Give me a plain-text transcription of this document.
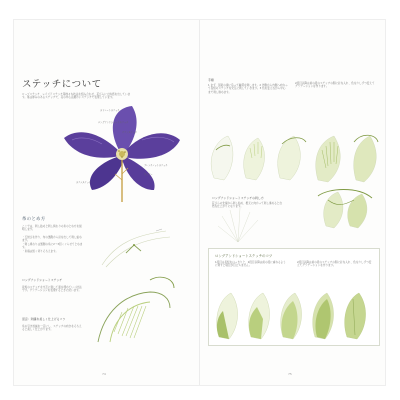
ステッチについて
ロープステッチ、レイズドステッチ等様々な技法を組み合わせ、花びらに立体感を出しています。葉は厚みのあるステッチで、花の中心は細かいステッチで表現しています。
ロングアンドショートステッチ
サテンステッチ
ストレートステッチ
フレンチノットステッチ
ワイヤー
ステムステッチ
糸のとめ方
ここでは、刺し始めと刺し終わりの糸のとめ方を説明します。
・玉結びを作り、布の裏側から針を出して刺し始めます。
・刺し終わりは裏側の糸に2〜3回くぐらせてとめます。
・糸端は短く切りそろえます。
ロングアンドショートステッチ
長短のステッチを交互に刺して面を埋めていく技法です。グラデーションを表現するときに使います。
留意：刺繍を美しく仕上げるコツ
糸の引き加減を一定にし、ステッチの向きをそろえると美しく仕上がります。
74
手順
1 まず、図案の線に沿って輪郭を刺します。2 外側から内側へ向かって長短のステッチを交互に刺していきます。3 色を変えながら中心まで刺し進めます。
2段目以降は前の段のステッチの間に針を入れ、色を少しずつ変えてグラデーションを作ります。
ロングアンドショートステッチの刺し方
花びらの先端から刺し始め、根元に向かって刺し進めると自然な仕上がりになります。
ロングアンドショートステッチのコツ
1段目は長短をはっきりと、2段目以降は前の段に重ねるように刺すと境目が目立ちません。
2段目以降は前の段のステッチの間に針を入れ、色を少しずつ変えてグラデーションを作ります。
75
